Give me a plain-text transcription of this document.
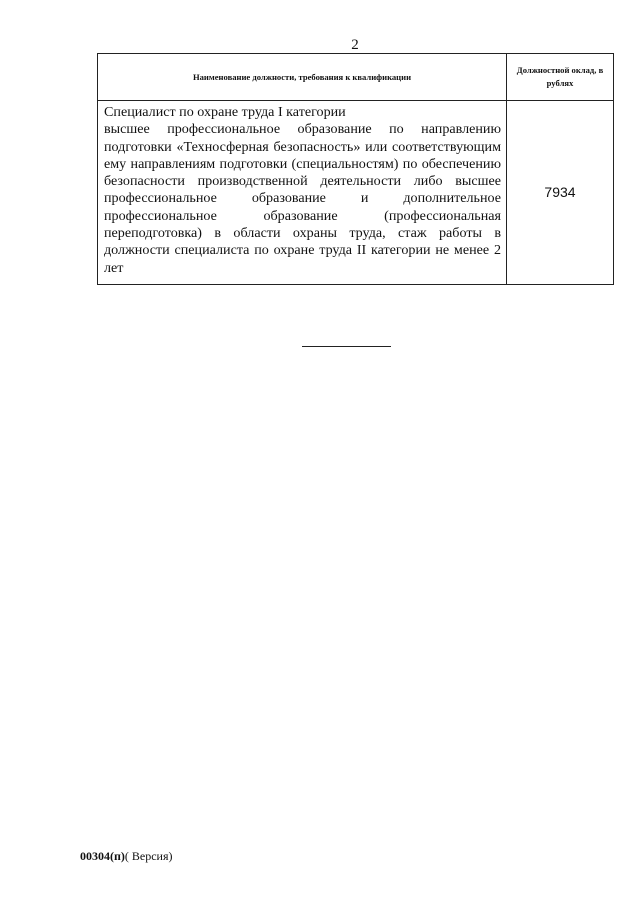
2
Наименование должности, требования к квалификации	Должностной оклад, в рублях

Специалист по охране труда I категории
высшее профессиональное образование по направлению подготовки «Техносферная безопасность» или соответствующим ему направлениям подготовки (специальностям) по обеспечению безопасности производственной деятельности либо высшее профессиональное образование и дополнительное профессиональное образование (профессиональная переподготовка) в области охраны труда, стаж работы в должности специалиста по охране труда II категории не менее 2 лет	7934
00304(п)( Версия)
